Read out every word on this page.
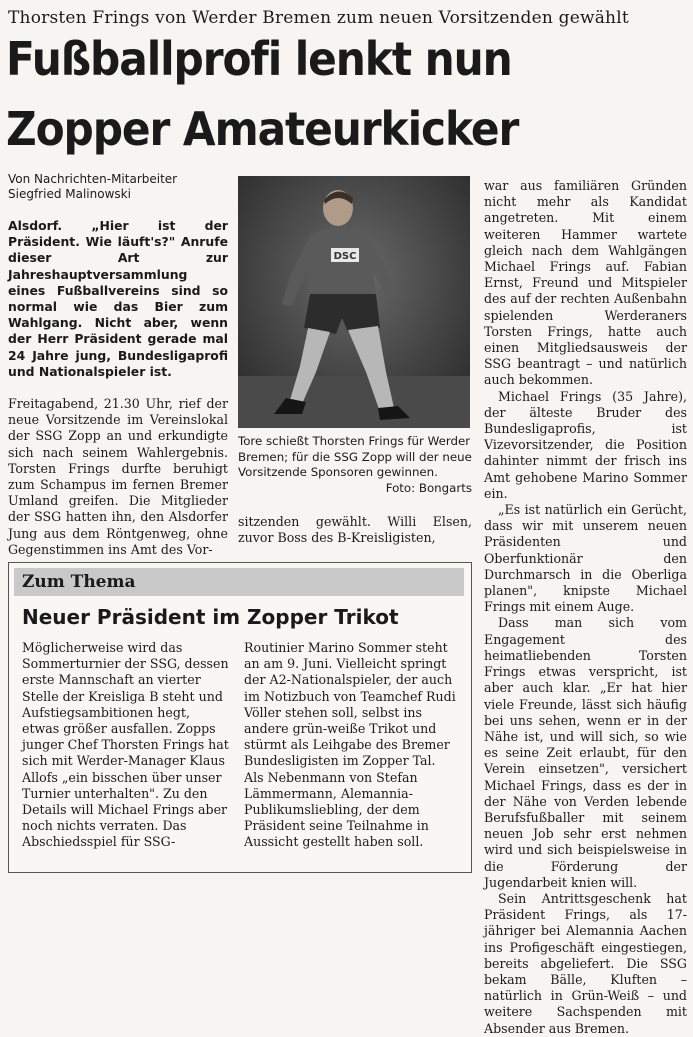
Thorsten Frings von Werder Bremen zum neuen Vorsitzenden gewählt
Fußballprofi lenkt nun
Zopper Amateurkicker
Von Nachrichten-Mitarbeiter
Siegfried Malinowski

Alsdorf. „Hier ist der Präsident. Wie läuft's?" Anrufe dieser Art zur Jahreshauptversammlung eines Fußballvereins sind so normal wie das Bier zum Wahlgang. Nicht aber, wenn der Herr Präsident gerade mal 24 Jahre jung, Bundesligaprofi und Nationalspieler ist.

Freitagabend, 21.30 Uhr, rief der neue Vorsitzende im Vereinslokal der SSG Zopp an und erkundigte sich nach seinem Wahlergebnis. Torsten Frings durfte beruhigt zum Schampus im fernen Bremer Umland greifen. Die Mitglieder der SSG hatten ihn, den Alsdorfer Jung aus dem Röntgenweg, ohne Gegenstimmen ins Amt des Vor-

DSC
Tore schießt Thorsten Frings für Werder Bremen; für die SSG Zopp will der neue Vorsitzende Sponsoren gewinnen.
Foto: Bongarts

sitzenden gewählt. Willi Elsen, zuvor Boss des B-Kreisligisten,

war aus familiären Gründen nicht mehr als Kandidat angetreten. Mit einem weiteren Hammer wartete gleich nach dem Wahlgängen Michael Frings auf. Fabian Ernst, Freund und Mitspieler des auf der rechten Außenbahn spielenden Werderaners Torsten Frings, hatte auch einen Mitgliedsausweis der SSG beantragt – und natürlich auch bekommen.

Michael Frings (35 Jahre), der älteste Bruder des Bundesligaprofis, ist Vizevorsitzender, die Position dahinter nimmt der frisch ins Amt gehobene Marino Sommer ein.

„Es ist natürlich ein Gerücht, dass wir mit unserem neuen Präsidenten und Oberfunktionär den Durchmarsch in die Oberliga planen", knipste Michael Frings mit einem Auge.

Dass man sich vom Engagement des heimatliebenden Torsten Frings etwas verspricht, ist aber auch klar. „Er hat hier viele Freunde, lässt sich häufig bei uns sehen, wenn er in der Nähe ist, und will sich, so wie es seine Zeit erlaubt, für den Verein einsetzen", versichert Michael Frings, dass es der in der Nähe von Verden lebende Berufsfußballer mit seinem neuen Job sehr erst nehmen wird und sich beispielsweise in die Förderung der Jugendarbeit knien will.

Sein Antrittsgeschenk hat Präsident Frings, als 17-jähriger bei Alemannia Aachen ins Profigeschäft eingestiegen, bereits abgeliefert. Die SSG bekam Bälle, Kluften – natürlich in Grün-Weiß – und weitere Sachspenden mit Absender aus Bremen.

Zum Thema
Neuer Präsident im Zopper Trikot

Möglicherweise wird das Sommerturnier der SSG, dessen erste Mannschaft an vierter Stelle der Kreisliga B steht und Aufstiegsambitionen hegt, etwas größer ausfallen. Zopps junger Chef Thorsten Frings hat sich mit Werder-Manager Klaus Allofs „ein bisschen über unser Turnier unterhalten". Zu den Details will Michael Frings aber noch nichts verraten. Das Abschiedsspiel für SSG-

Routinier Marino Sommer steht an am 9. Juni. Vielleicht springt der A2-Nationalspieler, der auch im Notizbuch von Teamchef Rudi Völler stehen soll, selbst ins andere grün-weiße Trikot und stürmt als Leihgabe des Bremer Bundesligisten im Zopper Tal. Als Nebenmann von Stefan Lämmermann, Alemannia-Publikumsliebling, der dem Präsident seine Teilnahme in Aussicht gestellt haben soll.
